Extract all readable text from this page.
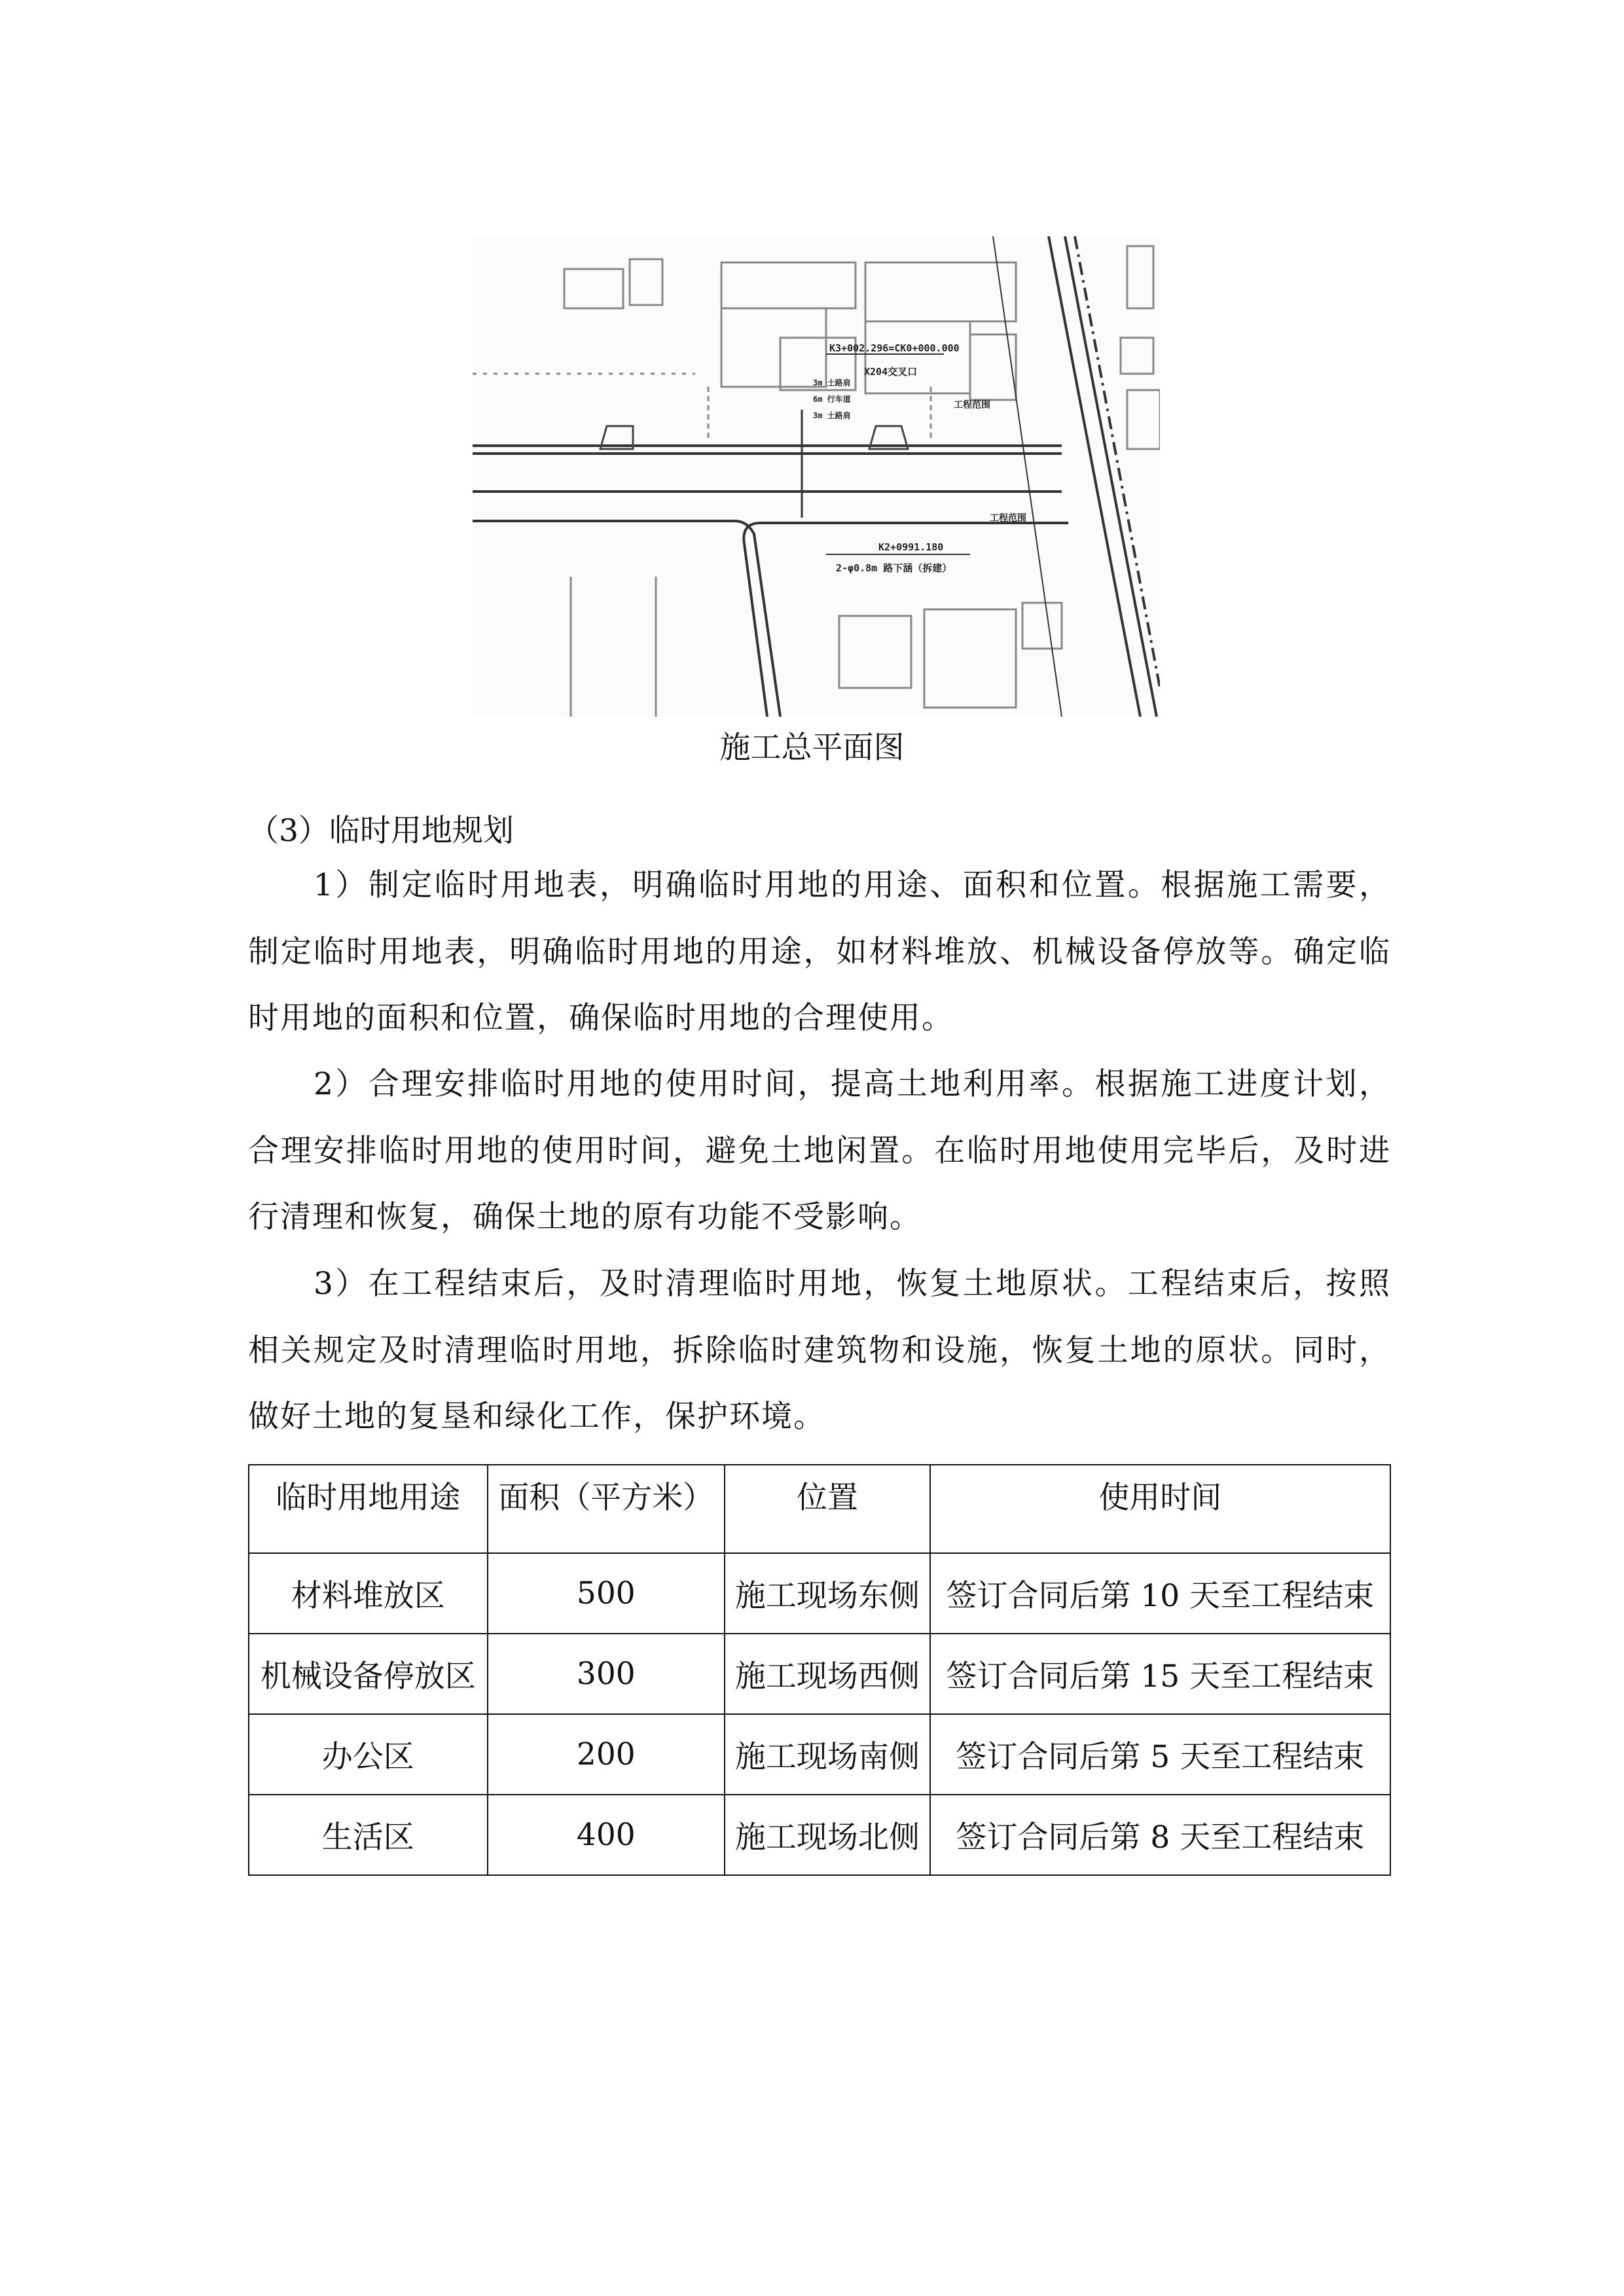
K3+002.296=CK0+000.000
X204交叉口
3m 土路肩
6m 行车道
3m 土路肩
工程范围
工程范围
K2+0991.180
2-φ0.8m 路下涵（拆建）
施工总平面图
（3）临时用地规划

1）制定临时用地表，明确临时用地的用途、面积和位置。根据施工需要，制定临时用地表，明确临时用地的用途，如材料堆放、机械设备停放等。确定临时用地的面积和位置，确保临时用地的合理使用。

2）合理安排临时用地的使用时间，提高土地利用率。根据施工进度计划，合理安排临时用地的使用时间，避免土地闲置。在临时用地使用完毕后，及时进行清理和恢复，确保土地的原有功能不受影响。

3）在工程结束后，及时清理临时用地，恢复土地原状。工程结束后，按照相关规定及时清理临时用地，拆除临时建筑物和设施，恢复土地的原状。同时，做好土地的复垦和绿化工作，保护环境。

临时用地用途	面积（平方米）	位置	使用时间
材料堆放区	500	施工现场东侧	签订合同后第 10 天至工程结束
机械设备停放区	300	施工现场西侧	签订合同后第 15 天至工程结束
办公区	200	施工现场南侧	签订合同后第 5 天至工程结束
生活区	400	施工现场北侧	签订合同后第 8 天至工程结束
